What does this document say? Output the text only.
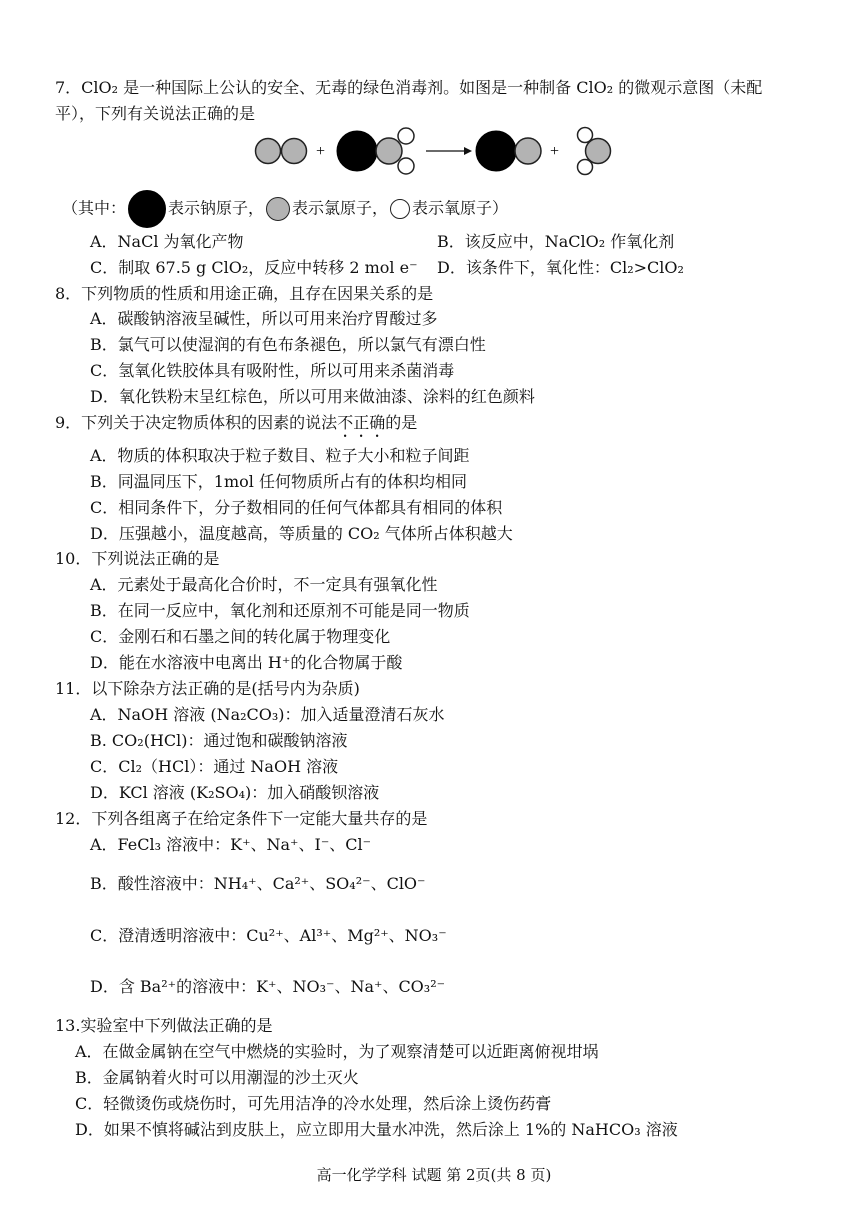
7．ClO₂ 是一种国际上公认的安全、无毒的绿色消毒剂。如图是一种制备 ClO₂ 的微观示意图（未配
平），下列有关说法正确的是
+	+
（其中：	表示钠原子， 表示氯原子， 表示氧原子）
A．NaCl 为氧化产物	B．该反应中，NaClO₂ 作氧化剂
C．制取 67.5 g ClO₂，反应中转移 2 mol e⁻ D．该条件下，氧化性：Cl₂>ClO₂
8．下列物质的性质和用途正确，且存在因果关系的是
A．碳酸钠溶液呈碱性，所以可用来治疗胃酸过多
B．氯气可以使湿润的有色布条褪色，所以氯气有漂白性
C．氢氧化铁胶体具有吸附性，所以可用来杀菌消毒
D．氧化铁粉末呈红棕色，所以可用来做油漆、涂料的红色颜料
9．下列关于决定物质体积的因素的说法不正确的是
A．物质的体积取决于粒子数目、粒子大小和粒子间距
B．同温同压下，1mol 任何物质所占有的体积均相同
C．相同条件下，分子数相同的任何气体都具有相同的体积
D．压强越小，温度越高，等质量的 CO₂ 气体所占体积越大
10．下列说法正确的是
A．元素处于最高化合价时，不一定具有强氧化性
B．在同一反应中，氧化剂和还原剂不可能是同一物质
C．金刚石和石墨之间的转化属于物理变化
D．能在水溶液中电离出 H⁺的化合物属于酸
11．以下除杂方法正确的是(括号内为杂质)
A．NaOH 溶液 (Na₂CO₃)：加入适量澄清石灰水
B. CO₂(HCl)：通过饱和碳酸钠溶液
C．Cl₂（HCl）：通过 NaOH 溶液
D．KCl 溶液 (K₂SO₄)：加入硝酸钡溶液
12．下列各组离子在给定条件下一定能大量共存的是
A．FeCl₃ 溶液中：K⁺、Na⁺、I⁻、Cl⁻
B．酸性溶液中：NH₄⁺、Ca²⁺、SO₄²⁻、ClO⁻
C．澄清透明溶液中：Cu²⁺、Al³⁺、Mg²⁺、NO₃⁻
D．含 Ba²⁺的溶液中：K⁺、NO₃⁻、Na⁺、CO₃²⁻
13.实验室中下列做法正确的是
A．在做金属钠在空气中燃烧的实验时，为了观察清楚可以近距离俯视坩埚
B．金属钠着火时可以用潮湿的沙土灭火
C．轻微烫伤或烧伤时，可先用洁净的冷水处理，然后涂上烫伤药膏
D．如果不慎将碱沾到皮肤上，应立即用大量水冲洗，然后涂上 1%的 NaHCO₃ 溶液
高一化学学科 试题 第 2页(共 8 页)
